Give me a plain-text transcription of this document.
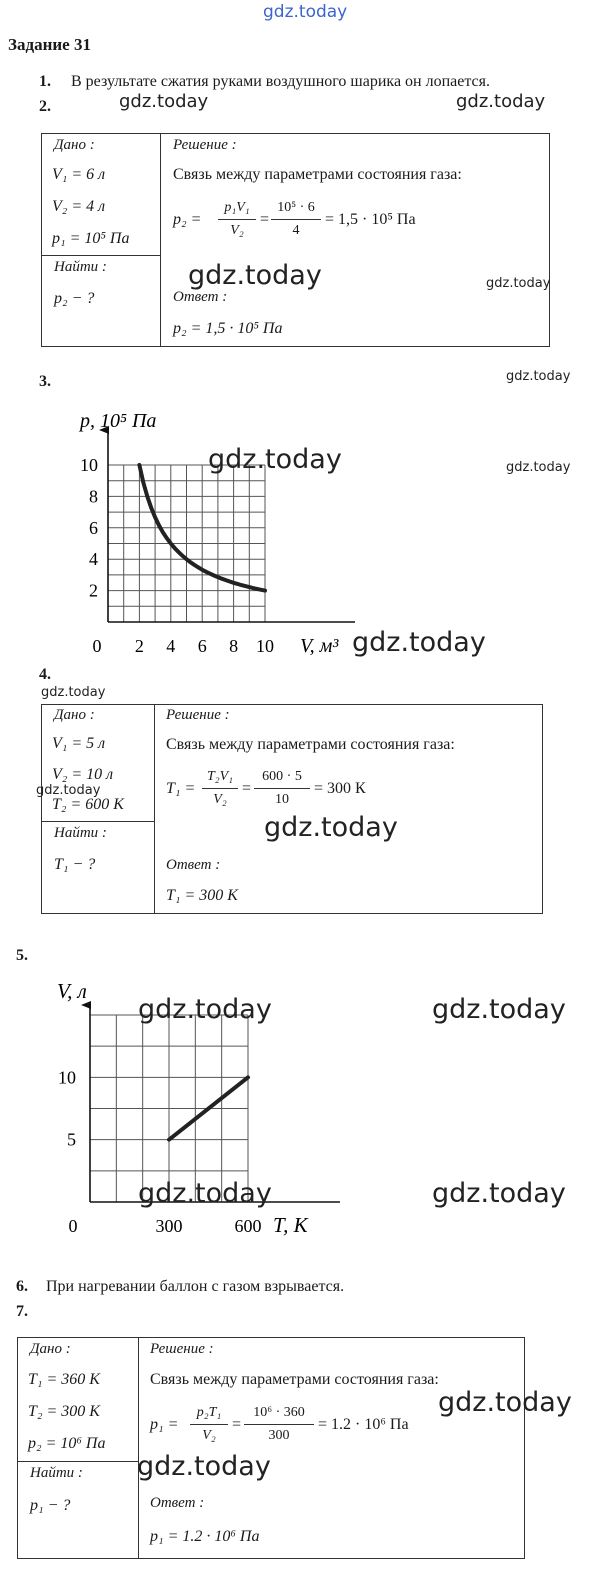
gdz.today
Задание 31
1. В результате сжатия руками воздушного шарика он лопается.
2.	gdz.today	gdz.today
Дано :
V₁ = 6 л
V₂ = 4 л
p₁ = 10⁵ Па
Найти :
p₂ − ?
Решение :
Связь между параметрами состояния газа:
p₂ =
p₁V₁
V₂
=
10⁵ · 6
4
= 1,5 · 10⁵ Па
gdz.today	gdz.today
Ответ :
p₂ = 1,5 · 10⁵ Па
3.	gdz.today
gdz.today
p, 10⁵ Па
V, м³
0 2 4 6 8 10
10
8
6
4
2
gdz.today
gdz.today
4.
gdz.today
Дано :
V₁ = 5 л
V₂ = 10 л
gdz.today
T₂ = 600 К
Найти :
T₁ − ?
Решение :
Связь между параметрами состояния газа:
T₁ =
T₂V₁
V₂
=
600 · 5
10
= 300 К
gdz.today
Ответ :
T₁ = 300 К
5.
V, л
T, К
0	300	600
10
5
gdz.today	gdz.today
gdz.today	gdz.today
6. При нагревании баллон с газом взрывается.
7.
Дано :
T₁ = 360 К
T₂ = 300 К
p₂ = 10⁶ Па
Найти :
p₁ − ?
Решение :
Связь между параметрами состояния газа:
p₁ =
p₂T₁
V₂
=
10⁶ · 360
300
= 1.2 · 10⁶ Па
gdz.today
gdz.today
Ответ :
p₁ = 1.2 · 10⁶ Па
